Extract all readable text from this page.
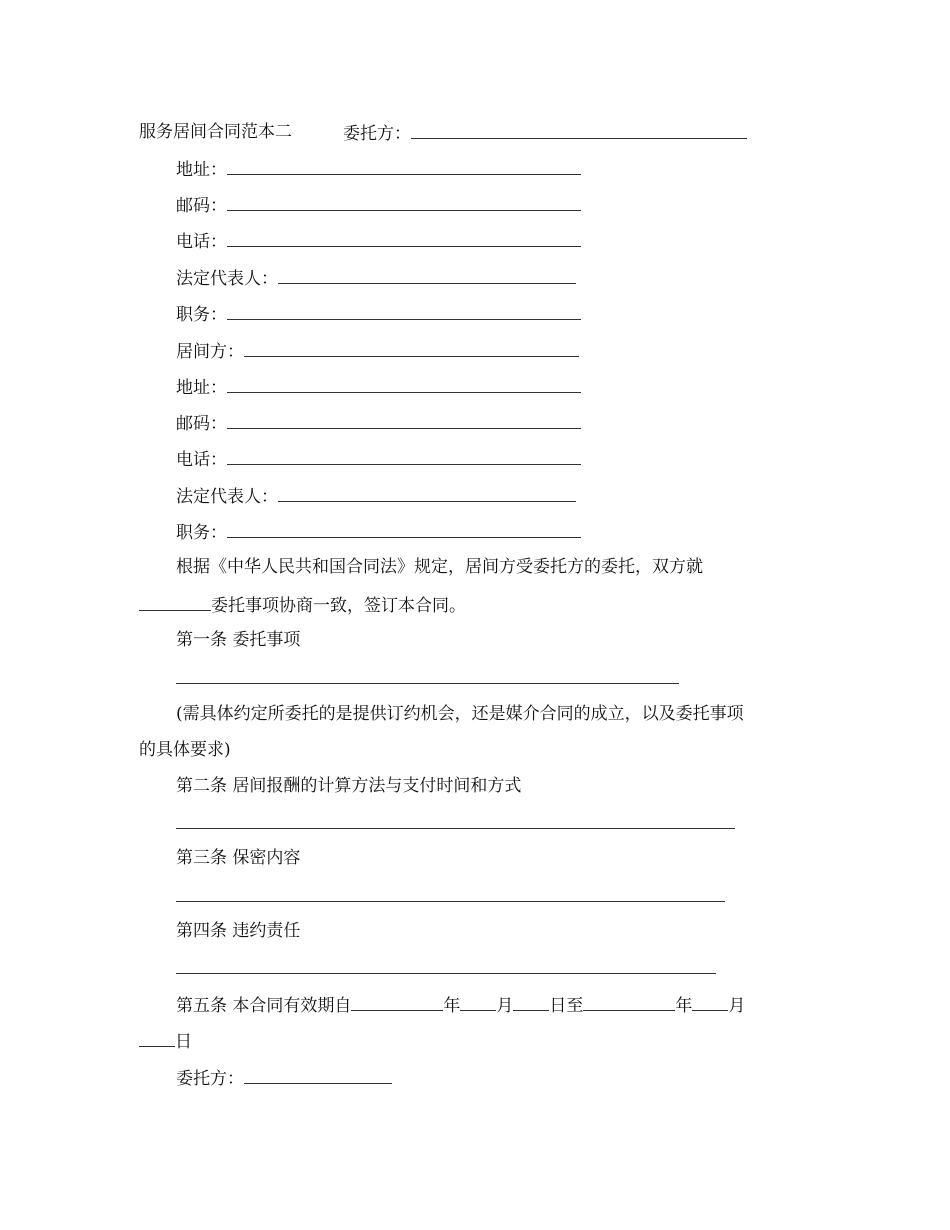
服务居间合同范本二	委托方：
地址：
邮码：
电话：
法定代表人：
职务：
居间方：
地址：
邮码：
电话：
法定代表人：
职务：
根据《中华人民共和国合同法》规定，居间方受委托方的委托，双方就
委托事项协商一致，签订本合同。
第一条 委托事项
(需具体约定所委托的是提供订约机会，还是媒介合同的成立，以及委托事项
的具体要求)
第二条 居间报酬的计算方法与支付时间和方式
第三条 保密内容
第四条 违约责任
第五条 本合同有效期自	年 月 日至	年 月
日
委托方：
